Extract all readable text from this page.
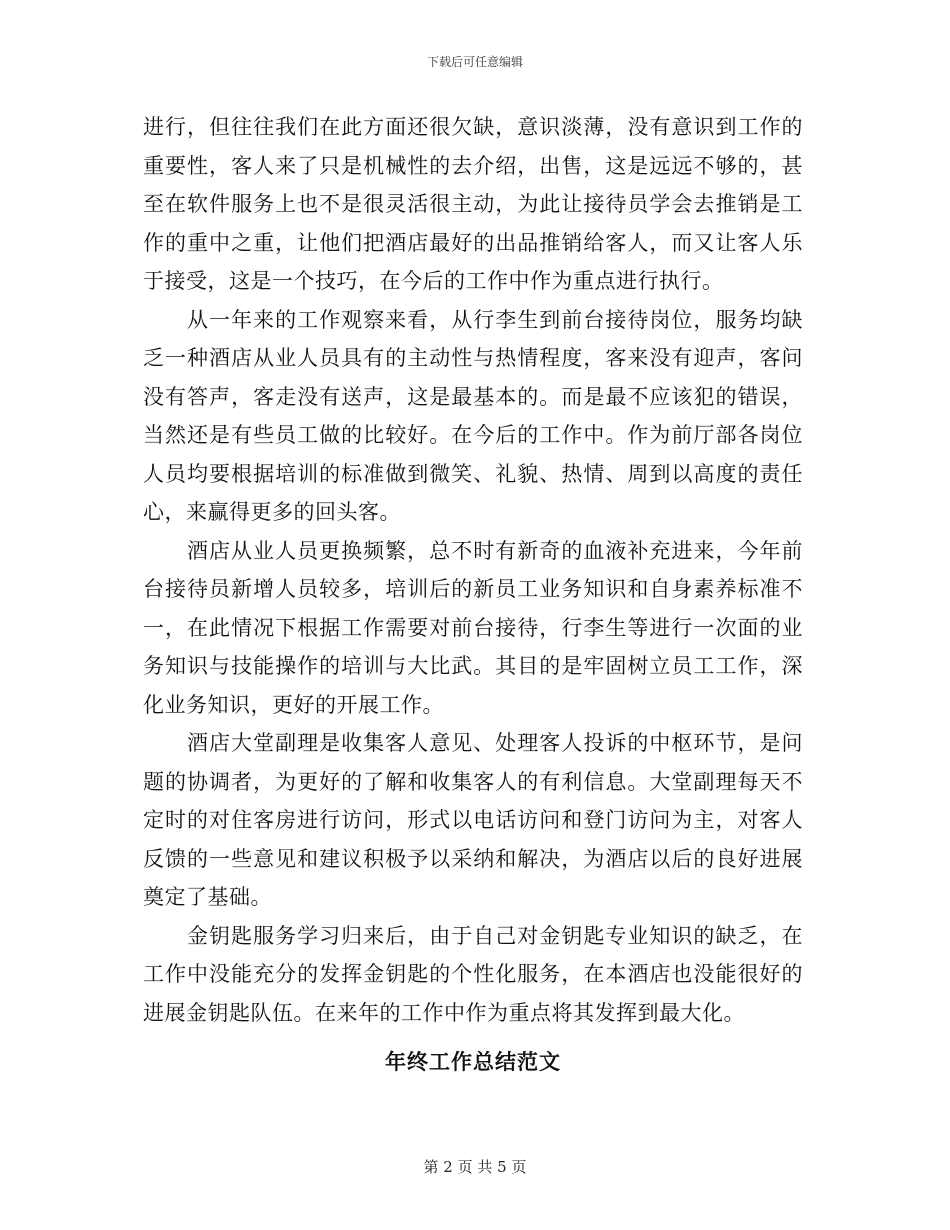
下载后可任意编辑

进行，但往往我们在此方面还很欠缺，意识淡薄，没有意识到工作的重要性，客人来了只是机械性的去介绍，出售，这是远远不够的，甚至在软件服务上也不是很灵活很主动，为此让接待员学会去推销是工作的重中之重，让他们把酒店最好的出品推销给客人，而又让客人乐于接受，这是一个技巧，在今后的工作中作为重点进行执行。

从一年来的工作观察来看，从行李生到前台接待岗位，服务均缺乏一种酒店从业人员具有的主动性与热情程度，客来没有迎声，客问没有答声，客走没有送声，这是最基本的。而是最不应该犯的错误，当然还是有些员工做的比较好。在今后的工作中。作为前厅部各岗位人员均要根据培训的标准做到微笑、礼貌、热情、周到以高度的责任心，来赢得更多的回头客。

酒店从业人员更换频繁，总不时有新奇的血液补充进来，今年前台接待员新增人员较多，培训后的新员工业务知识和自身素养标准不一，在此情况下根据工作需要对前台接待，行李生等进行一次面的业务知识与技能操作的培训与大比武。其目的是牢固树立员工工作，深化业务知识，更好的开展工作。

酒店大堂副理是收集客人意见、处理客人投诉的中枢环节，是问题的协调者，为更好的了解和收集客人的有利信息。大堂副理每天不定时的对住客房进行访问，形式以电话访问和登门访问为主，对客人反馈的一些意见和建议积极予以采纳和解决，为酒店以后的良好进展奠定了基础。

金钥匙服务学习归来后，由于自己对金钥匙专业知识的缺乏，在工作中没能充分的发挥金钥匙的个性化服务，在本酒店也没能很好的进展金钥匙队伍。在来年的工作中作为重点将其发挥到最大化。

年终工作总结范文
第 2 页 共 5 页
